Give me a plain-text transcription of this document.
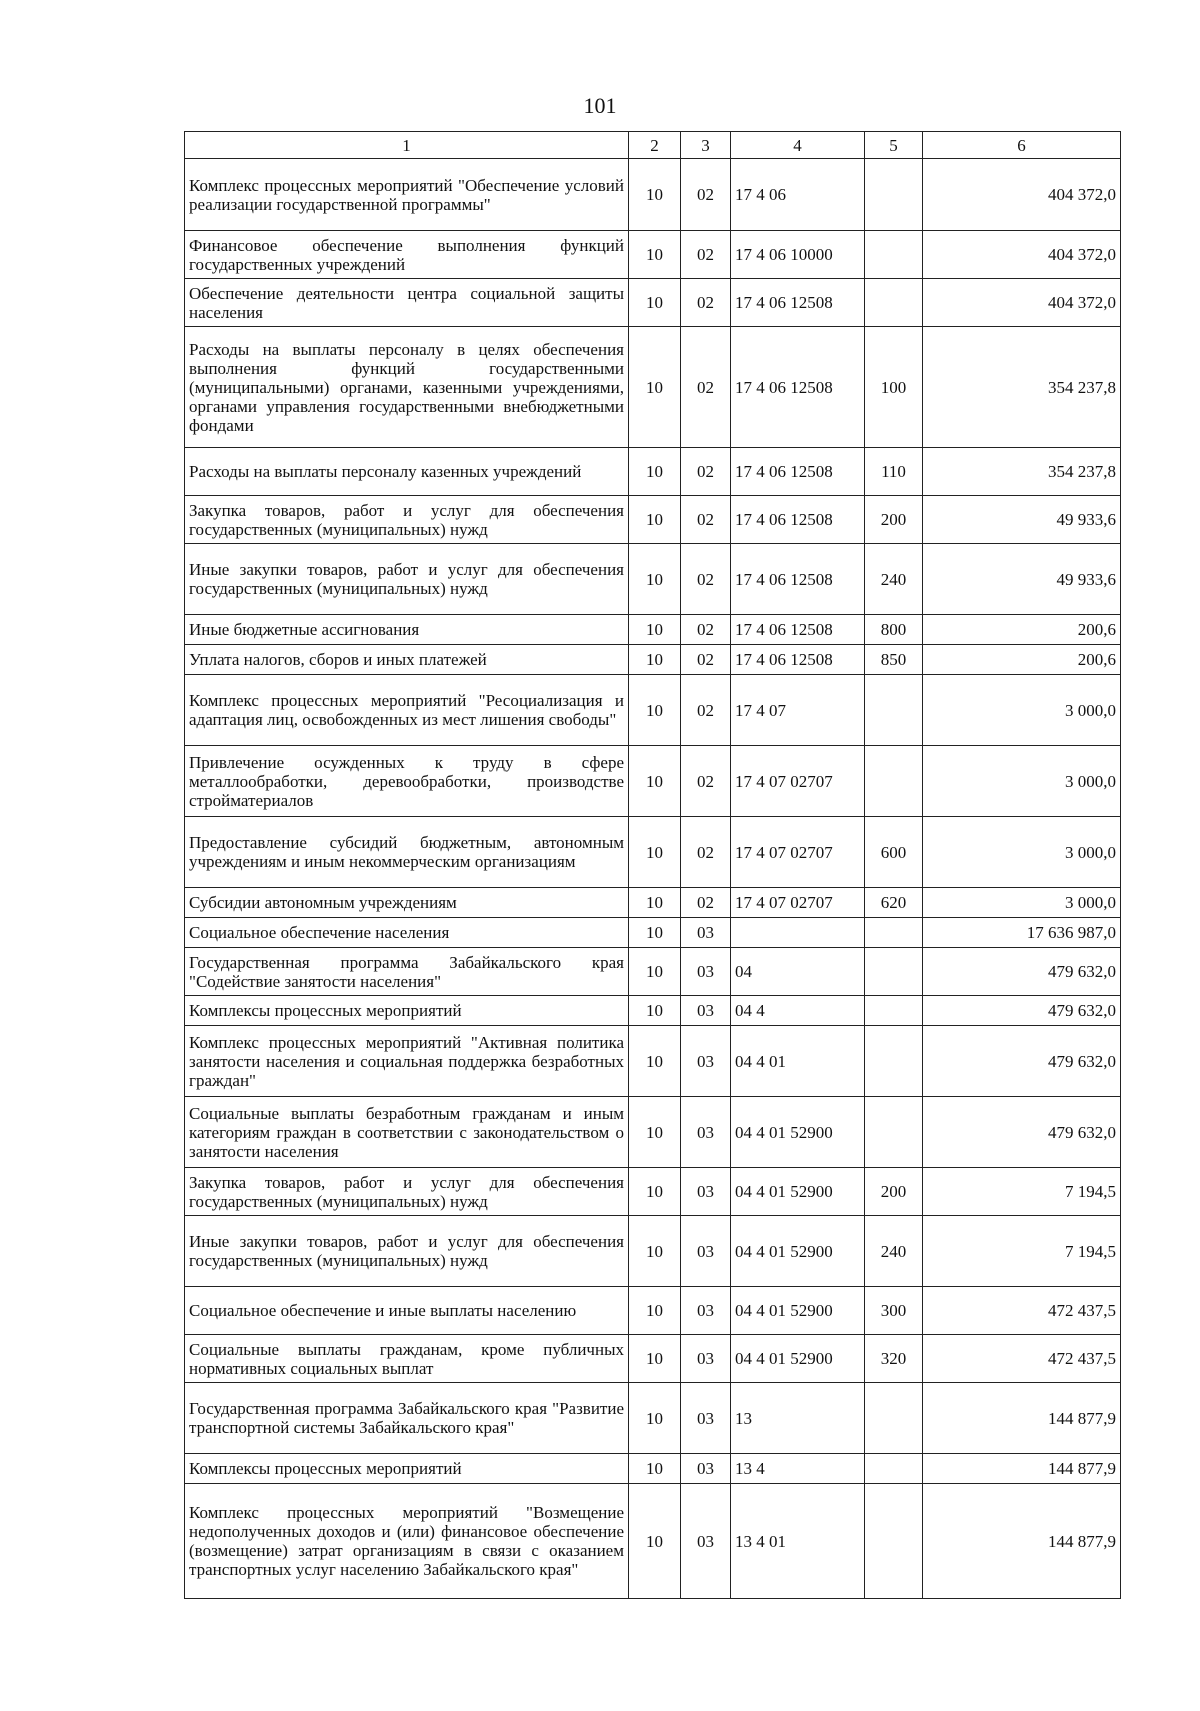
101
1	2	3	4	5	6
Комплекс процессных мероприятий "Обеспечение условий реализации государственной программы"	10	02	17 4 06		404 372,0
Финансовое обеспечение выполнения функций государственных учреждений	10	02	17 4 06 10000		404 372,0
Обеспечение деятельности центра социальной защиты населения	10	02	17 4 06 12508		404 372,0
Расходы на выплаты персоналу в целях обеспечения выполнения функций государственными (муниципальными) органами, казенными учреждениями, органами управления государственными внебюджетными фондами	10	02	17 4 06 12508	100	354 237,8
Расходы на выплаты персоналу казенных учреждений	10	02	17 4 06 12508	110	354 237,8
Закупка товаров, работ и услуг для обеспечения государственных (муниципальных) нужд	10	02	17 4 06 12508	200	49 933,6
Иные закупки товаров, работ и услуг для обеспечения государственных (муниципальных) нужд	10	02	17 4 06 12508	240	49 933,6
Иные бюджетные ассигнования	10	02	17 4 06 12508	800	200,6
Уплата налогов, сборов и иных платежей	10	02	17 4 06 12508	850	200,6
Комплекс процессных мероприятий "Ресоциализация и адаптация лиц, освобожденных из мест лишения свободы"	10	02	17 4 07		3 000,0
Привлечение осужденных к труду в сфере металлообработки, деревообработки, производстве стройматериалов	10	02	17 4 07 02707		3 000,0
Предоставление субсидий бюджетным, автономным учреждениям и иным некоммерческим организациям	10	02	17 4 07 02707	600	3 000,0
Субсидии автономным учреждениям	10	02	17 4 07 02707	620	3 000,0
Социальное обеспечение населения	10	03			17 636 987,0
Государственная программа Забайкальского края "Содействие занятости населения"	10	03	04		479 632,0
Комплексы процессных мероприятий	10	03	04 4		479 632,0
Комплекс процессных мероприятий "Активная политика занятости населения и социальная поддержка безработных граждан"	10	03	04 4 01		479 632,0
Социальные выплаты безработным гражданам и иным категориям граждан в соответствии с законодательством о занятости населения	10	03	04 4 01 52900		479 632,0
Закупка товаров, работ и услуг для обеспечения государственных (муниципальных) нужд	10	03	04 4 01 52900	200	7 194,5
Иные закупки товаров, работ и услуг для обеспечения государственных (муниципальных) нужд	10	03	04 4 01 52900	240	7 194,5
Социальное обеспечение и иные выплаты населению	10	03	04 4 01 52900	300	472 437,5
Социальные выплаты гражданам, кроме публичных нормативных социальных выплат	10	03	04 4 01 52900	320	472 437,5
Государственная программа Забайкальского края "Развитие транспортной системы Забайкальского края"	10	03	13		144 877,9
Комплексы процессных мероприятий	10	03	13 4		144 877,9
Комплекс процессных мероприятий "Возмещение недополученных доходов и (или) финансовое обеспечение (возмещение) затрат организациям в связи с оказанием транспортных услуг населению Забайкальского края"	10	03	13 4 01		144 877,9
